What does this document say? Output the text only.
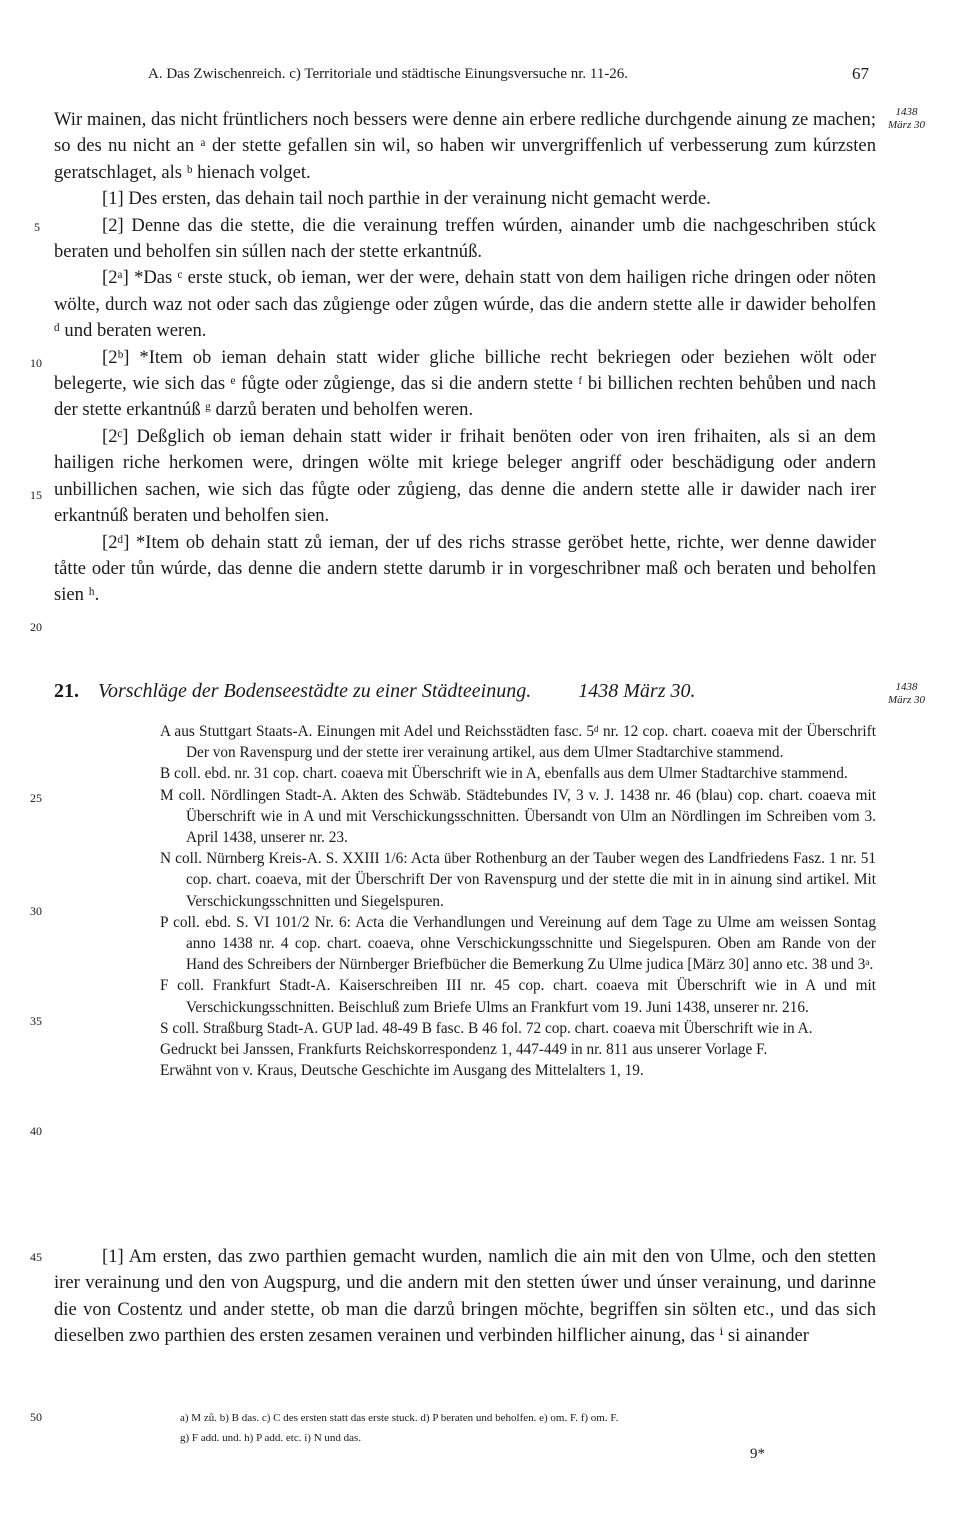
A. Das Zwischenreich. c) Territoriale und städtische Einungsversuche nr. 11-26.	67
1438
März 30

Wir mainen, das nicht früntlichers noch bessers were denne ain erbere redliche durchgende ainung ze machen; so des nu nicht an ᵃ der stette gefallen sin wil, so haben wir unvergriffenlich uf verbesserung zum kúrzsten geratschlaget, als ᵇ hienach volget.

[1] Des ersten, das dehain tail noch parthie in der verainung nicht gemacht werde.

[2] Denne das die stette, die die verainung treffen wúrden, ainander umb die nachgeschriben stúck beraten und beholfen sin súllen nach der stette erkantnúß.

[2ᵃ] *Das ᶜ erste stuck, ob ieman, wer der were, dehain statt von dem hailigen riche dringen oder nöten wölte, durch waz not oder sach das zůgienge oder zůgen wúrde, das die andern stette alle ir dawider beholfen ᵈ und beraten weren.

[2ᵇ] *Item ob ieman dehain statt wider gliche billiche recht bekriegen oder beziehen wölt oder belegerte, wie sich das ᵉ fůgte oder zůgienge, das si die andern stette ᶠ bi billichen rechten behůben und nach der stette erkantnúß ᵍ darzů beraten und beholfen weren.

[2ᶜ] Deßglich ob ieman dehain statt wider ir frihait benöten oder von iren frihaiten, als si an dem hailigen riche herkomen were, dringen wölte mit kriege beleger angriff oder beschädigung oder andern unbillichen sachen, wie sich das fůgte oder zůgieng, das denne die andern stette alle ir dawider nach irer erkantnúß beraten und beholfen sien.

[2ᵈ] *Item ob dehain statt zů ieman, der uf des richs strasse geröbet hette, richte, wer denne dawider tåtte oder tůn wúrde, das denne die andern stette darumb ir in vorgeschribner maß och beraten und beholfen sien ʰ.

5
10
15
20
25
30
35
40
45
50
21. Vorschläge der Bodenseestädte zu einer Städteeinung. 1438 März 30.	1438
März 30

A aus Stuttgart Staats-A. Einungen mit Adel und Reichsstädten fasc. 5ᵈ nr. 12 cop. chart. coaeva mit der Überschrift Der von Ravenspurg und der stette irer verainung artikel, aus dem Ulmer Stadtarchive stammend.

B coll. ebd. nr. 31 cop. chart. coaeva mit Überschrift wie in A, ebenfalls aus dem Ulmer Stadtarchive stammend.

M coll. Nördlingen Stadt-A. Akten des Schwäb. Städtebundes IV, 3 v. J. 1438 nr. 46 (blau) cop. chart. coaeva mit Überschrift wie in A und mit Verschickungsschnitten. Übersandt von Ulm an Nördlingen im Schreiben vom 3. April 1438, unserer nr. 23.

N coll. Nürnberg Kreis-A. S. XXIII 1/6: Acta über Rothenburg an der Tauber wegen des Landfriedens Fasz. 1 nr. 51 cop. chart. coaeva, mit der Überschrift Der von Ravenspurg und der stette die mit in in ainung sind artikel. Mit Verschickungsschnitten und Siegelspuren.

P coll. ebd. S. VI 101/2 Nr. 6: Acta die Verhandlungen und Vereinung auf dem Tage zu Ulme am weissen Sontag anno 1438 nr. 4 cop. chart. coaeva, ohne Verschickungsschnitte und Siegelspuren. Oben am Rande von der Hand des Schreibers der Nürnberger Briefbücher die Bemerkung Zu Ulme judica [März 30] anno etc. 38 und 3ᵃ.

F coll. Frankfurt Stadt-A. Kaiserschreiben III nr. 45 cop. chart. coaeva mit Überschrift wie in A und mit Verschickungsschnitten. Beischluß zum Briefe Ulms an Frankfurt vom 19. Juni 1438, unserer nr. 216.

S coll. Straßburg Stadt-A. GUP lad. 48-49 B fasc. B 46 fol. 72 cop. chart. coaeva mit Überschrift wie in A.

Gedruckt bei Janssen, Frankfurts Reichskorrespondenz 1, 447-449 in nr. 811 aus unserer Vorlage F.

Erwähnt von v. Kraus, Deutsche Geschichte im Ausgang des Mittelalters 1, 19.

[1] Am ersten, das zwo parthien gemacht wurden, namlich die ain mit den von Ulme, och den stetten irer verainung und den von Augspurg, und die andern mit den stetten úwer und únser verainung, und darinne die von Costentz und ander stette, ob man die darzů bringen möchte, begriffen sin sölten etc., und das sich dieselben zwo parthien des ersten zesamen verainen und verbinden hilflicher ainung, das ⁱ si ainander

a) M zů. b) B das. c) C des ersten statt das erste stuck. d) P beraten und beholfen. e) om. F. f) om. F.

g) F add. und. h) P add. etc. i) N und das.

9*
